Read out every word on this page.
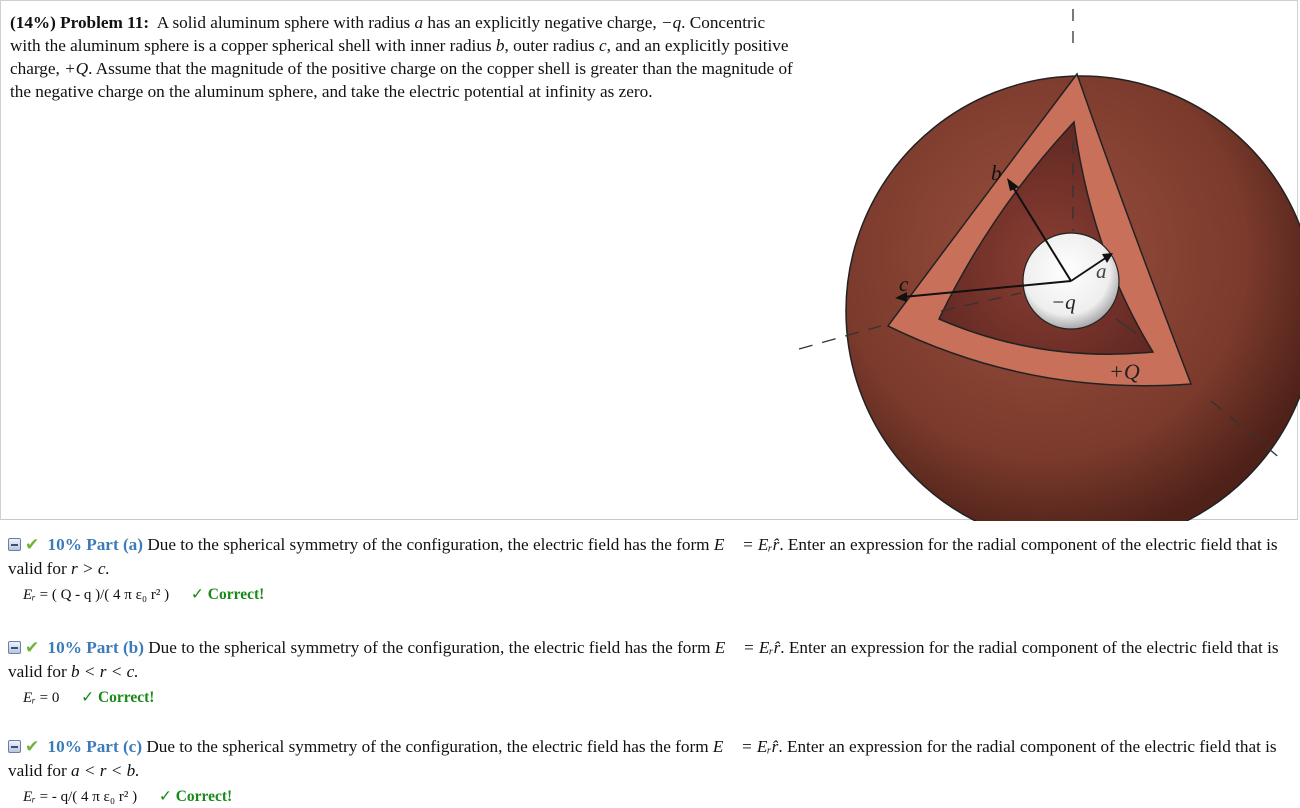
(14%) Problem 11: A solid aluminum sphere with radius a has an explicitly negative charge, −q. Concentric with the aluminum sphere is a copper spherical shell with inner radius b, outer radius c, and an explicitly positive charge, +Q. Assume that the magnitude of the positive charge on the copper shell is greater than the magnitude of the negative charge on the aluminum sphere, and take the electric potential at infinity as zero.
b
c
a
−q
+Q
✔ 10% Part (a) Due to the spherical symmetry of the configuration, the electric field has the form E⃗ = Eᵣr̂. Enter an expression for the radial component of the electric field that is valid for r > c.
Eᵣ = ( Q - q )/( 4 π ε₀ r² ) ✓ Correct!
✔ 10% Part (b) Due to the spherical symmetry of the configuration, the electric field has the form E⃗ = Eᵣr̂. Enter an expression for the radial component of the electric field that is valid for b < r < c.
Eᵣ = 0 ✓ Correct!
✔ 10% Part (c) Due to the spherical symmetry of the configuration, the electric field has the form E⃗ = Eᵣr̂. Enter an expression for the radial component of the electric field that is valid for a < r < b.
Eᵣ = - q/( 4 π ε₀ r² ) ✓ Correct!
